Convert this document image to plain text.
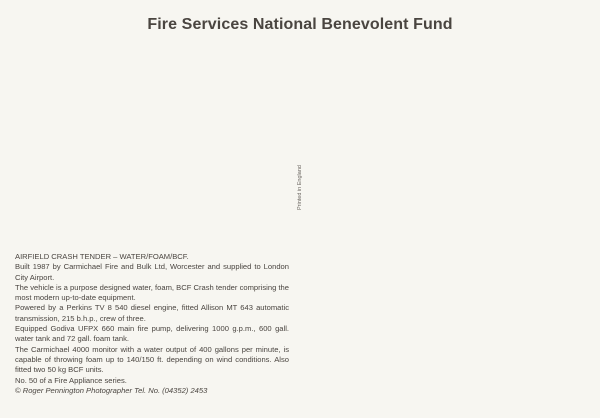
Fire Services National Benevolent Fund
Printed in England

AIRFIELD CRASH TENDER – WATER/FOAM/BCF.

Built 1987 by Carmichael Fire and Bulk Ltd, Worcester and supplied to London City Airport.

The vehicle is a purpose designed water, foam, BCF Crash tender comprising the most modern up-to-date equipment.

Powered by a Perkins TV 8 540 diesel engine, fitted Allison MT 643 automatic transmission, 215 b.h.p., crew of three.

Equipped Godiva UFPX 660 main fire pump, delivering 1000 g.p.m., 600 gall. water tank and 72 gall. foam tank.

The Carmichael 4000 monitor with a water output of 400 gallons per minute, is capable of throwing foam up to 140/150 ft. depending on wind conditions. Also fitted two 50 kg BCF units.

No. 50 of a Fire Appliance series.

© Roger Pennington Photographer Tel. No. (04352) 2453
